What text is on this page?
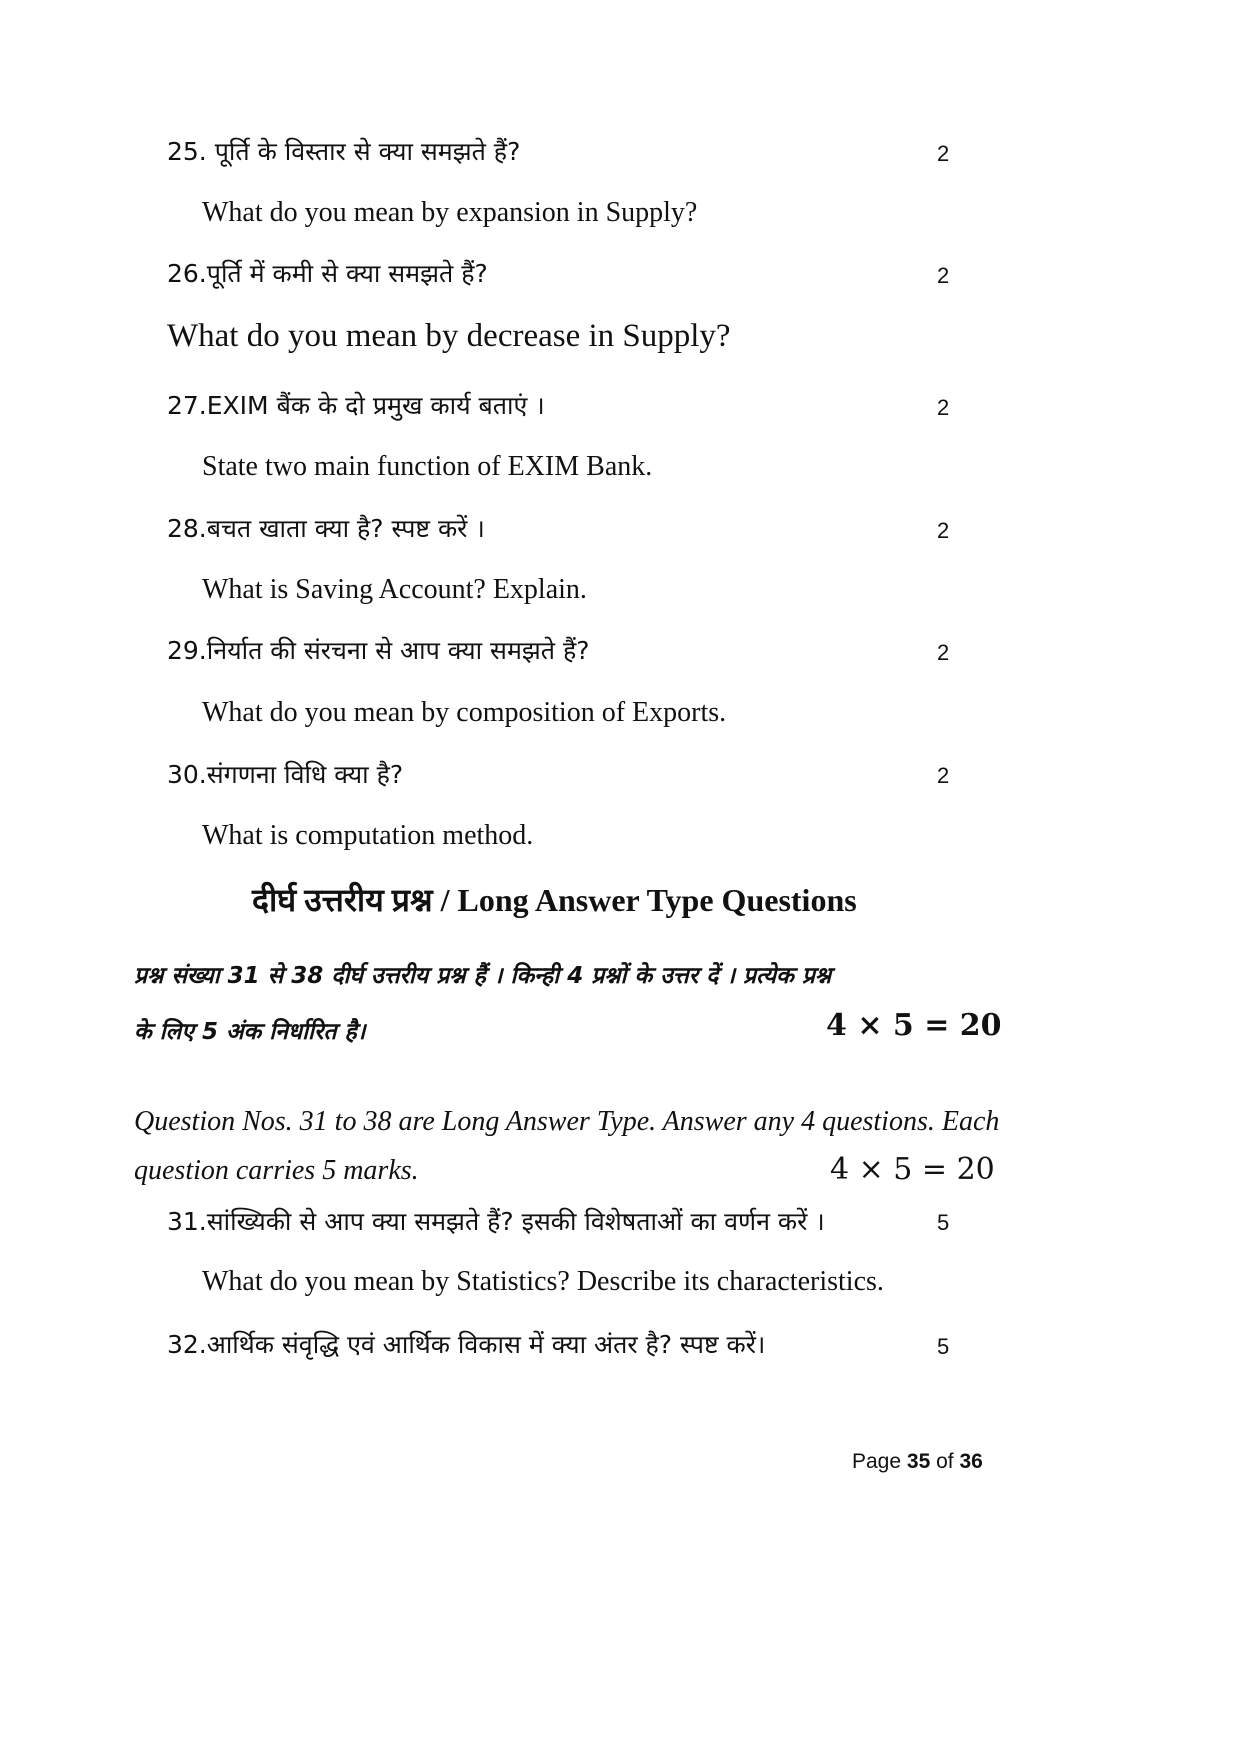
25. पूर्ति के विस्तार से क्या समझते हैं?	2
What do you mean by expansion in Supply?
26.पूर्ति में कमी से क्या समझते हैं?	2
What do you mean by decrease in Supply?
27.EXIM बैंक के दो प्रमुख कार्य बताएं ।	2
State two main function of EXIM Bank.
28.बचत खाता क्या है? स्पष्ट करें ।	2
What is Saving Account? Explain.
29.निर्यात की संरचना से आप क्या समझते हैं?	2
What do you mean by composition of Exports.
30.संगणना विधि क्या है?	2
What is computation method.
दीर्घ उत्तरीय प्रश्न / Long Answer Type Questions
प्रश्न संख्या 31 से 38 दीर्घ उत्तरीय प्रश्न हैं । किन्ही 4 प्रश्नों के उत्तर दें । प्रत्येक प्रश्न
के लिए 5 अंक निर्धारित है।	4 × 5 = 20
Question Nos. 31 to 38 are Long Answer Type. Answer any 4 questions. Each
question carries 5 marks.	4 × 5 = 20
31.सांख्यिकी से आप क्या समझते हैं? इसकी विशेषताओं का वर्णन करें ।	5
What do you mean by Statistics? Describe its characteristics.
32.आर्थिक संवृद्धि एवं आर्थिक विकास में क्या अंतर है? स्पष्ट करें।	5
Page 35 of 36
